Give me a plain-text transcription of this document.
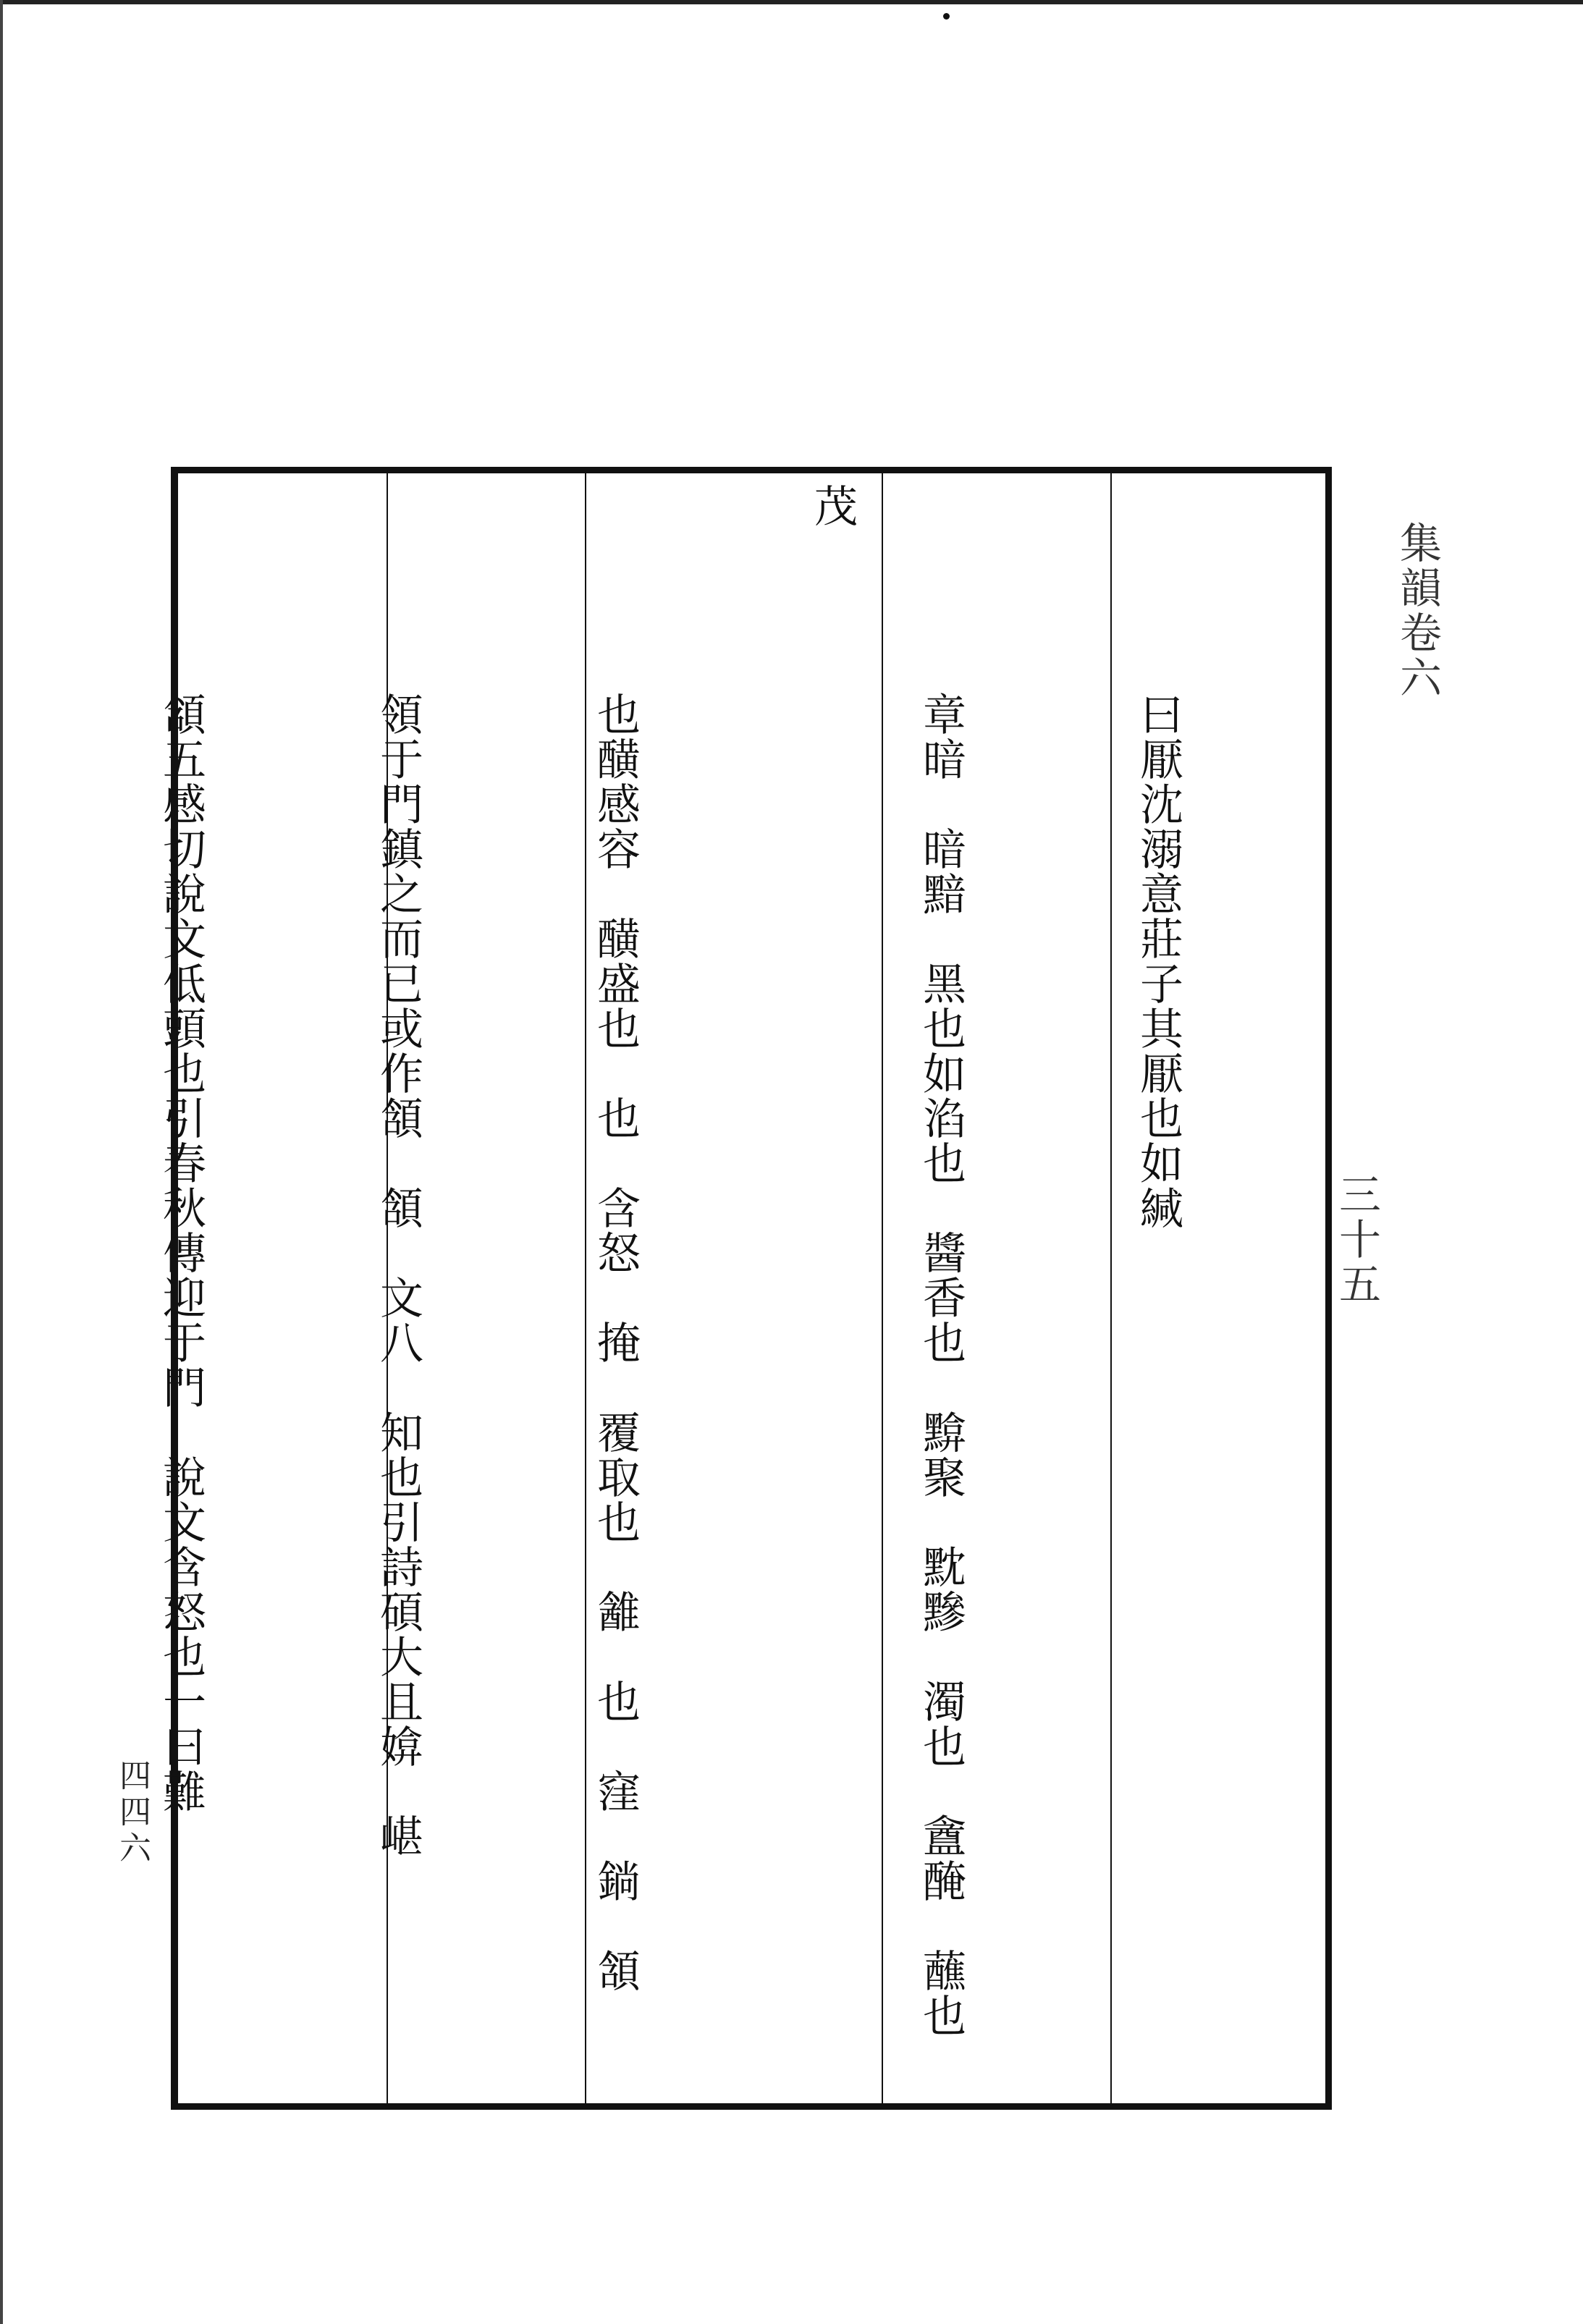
集韻卷六
三十五

曰厭沈溺意莊子其厭也如緘

章暗　暗黯　黑也如淊也　醬香也　黭聚　黕黲　濁也　盦醃　蘸也　茂

也䤑感容　䤑盛也　也　含怒　掩　覆取也　䨄　也　窪　鋿　頷

領于門鎮之而已或作頷　頷　文八　知也引詩碩大且媕　嵁

頷五感切說文低頭也引春秋傳迎于門　說文含怒也一曰難

四四六
